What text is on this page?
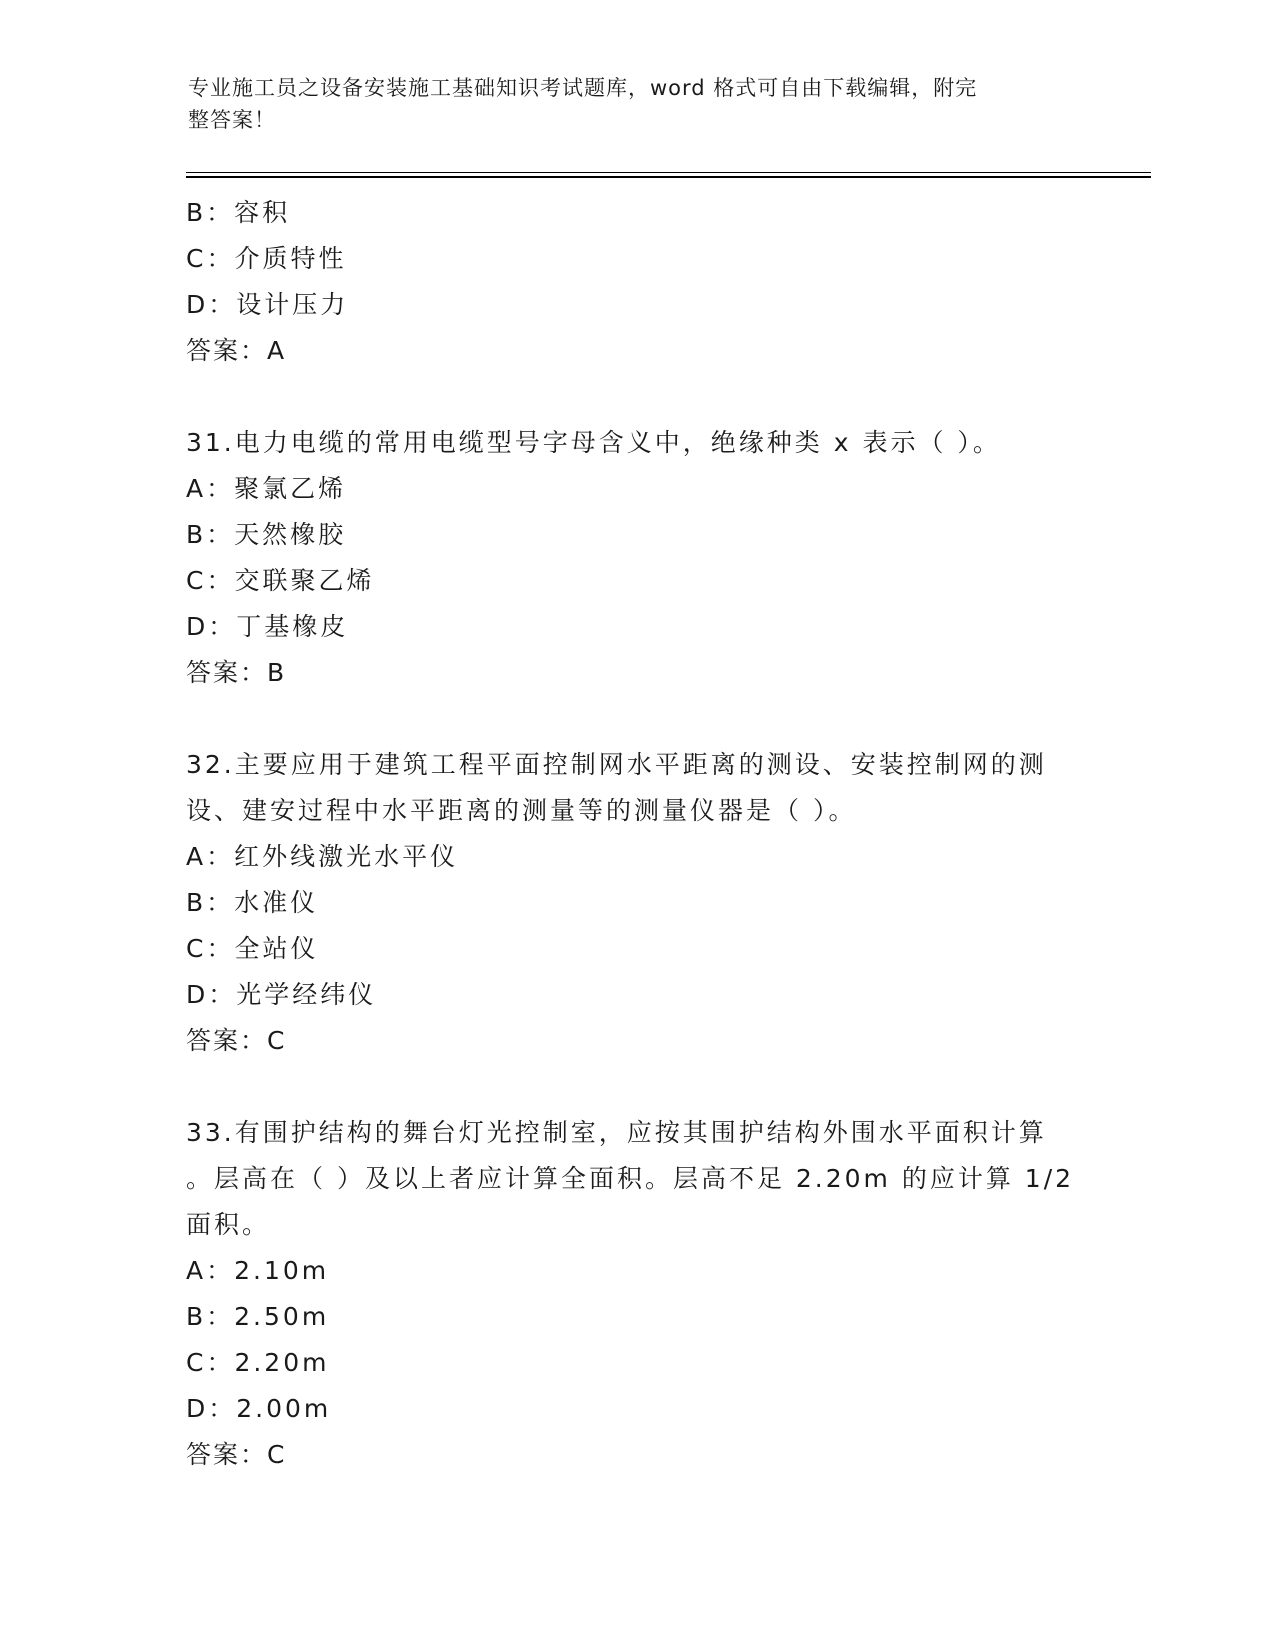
专业施工员之设备安装施工基础知识考试题库，word 格式可自由下载编辑，附完
整答案！
B：容积
C：介质特性
D：设计压力
答案：A
31.电力电缆的常用电缆型号字母含义中，绝缘种类 x 表示（ ）。
A：聚氯乙烯
B：天然橡胶
C：交联聚乙烯
D：丁基橡皮
答案：B
32.主要应用于建筑工程平面控制网水平距离的测设、安装控制网的测
设、建安过程中水平距离的测量等的测量仪器是（ ）。
A：红外线激光水平仪
B：水准仪
C：全站仪
D：光学经纬仪
答案：C
33.有围护结构的舞台灯光控制室，应按其围护结构外围水平面积计算
。层高在（ ）及以上者应计算全面积。层高不足 2.20m 的应计算 1/2
面积。
A：2.10m
B：2.50m
C：2.20m
D：2.00m
答案：C
